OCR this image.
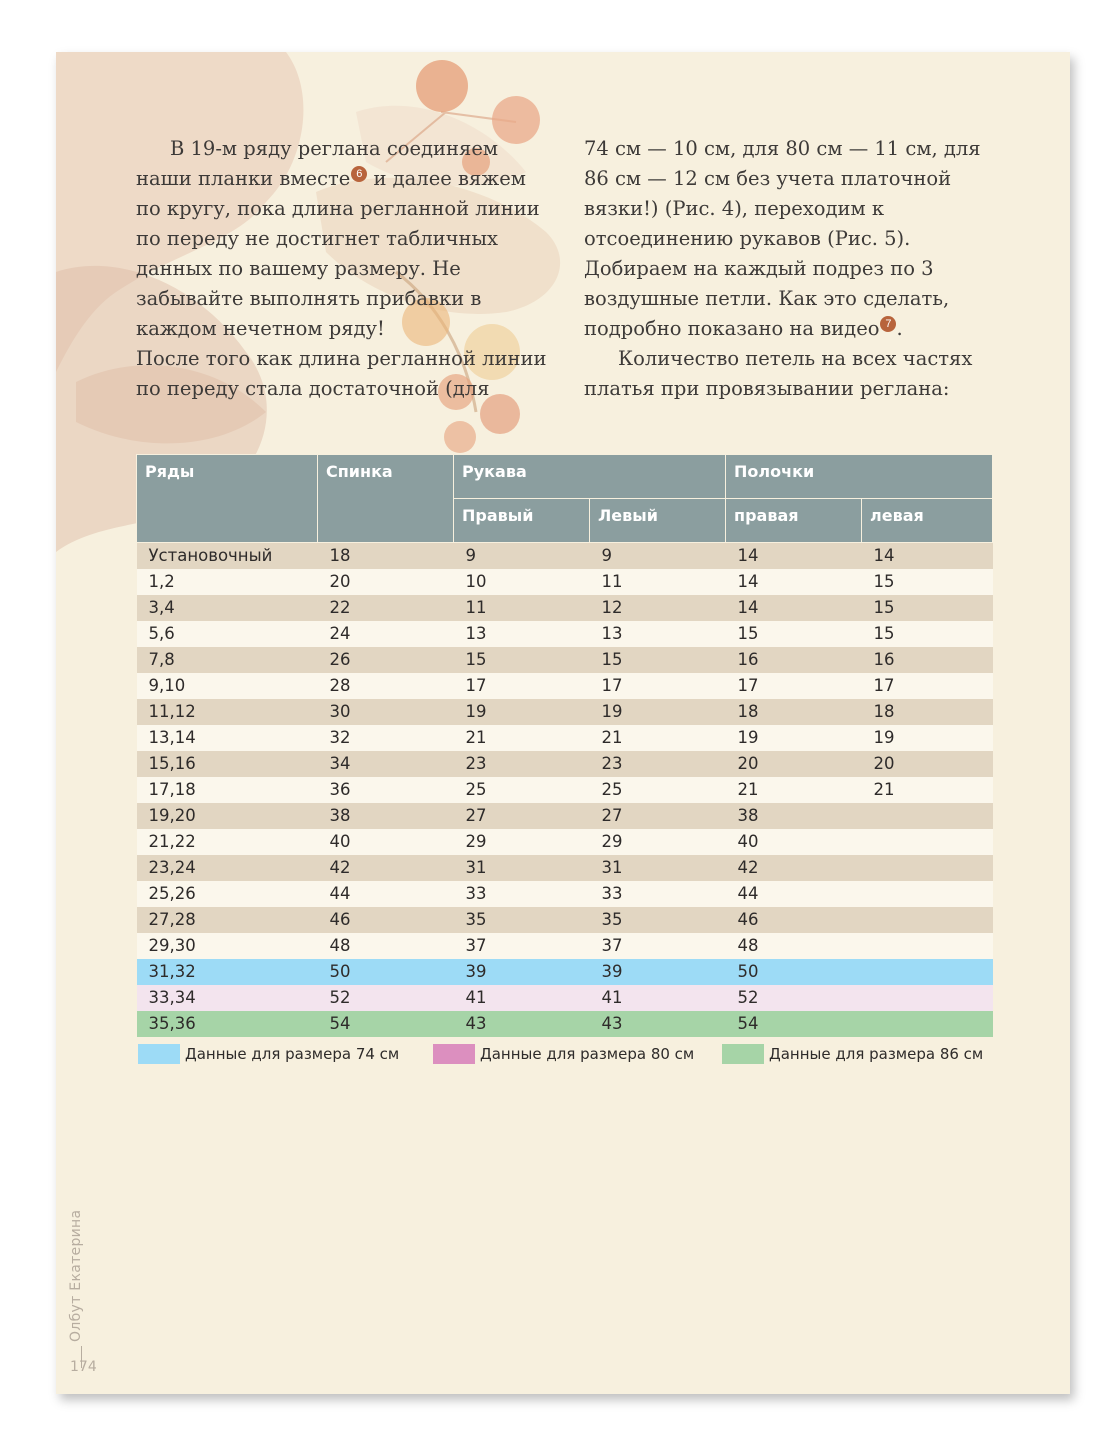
В 19-м ряду реглана соединяем наши планки вместе 6 и далее вяжем по кругу, пока длина регланной линии по переду не достигнет табличных данных по вашему размеру. Не забывайте выполнять прибавки в каждом нечетном ряду!

После того как длина регланной линии по переду стала достаточной (для

74 см — 10 см, для 80 см — 11 см, для 86 см — 12 см без учета платочной вязки!) (Рис. 4), переходим к отсоединению рукавов (Рис. 5). Добираем на каждый подрез по 3 воздушные петли. Как это сделать, подробно показано на видео 7 .

Количество петель на всех частях платья при провязывании реглана:

Ряды	Спинка	Рукава		Полочки	
		Правый	Левый	правая	левая
Установочный	18	9	9	14	14
1,2	20	10	11	14	15
3,4	22	11	12	14	15
5,6	24	13	13	15	15
7,8	26	15	15	16	16
9,10	28	17	17	17	17
11,12	30	19	19	18	18
13,14	32	21	21	19	19
15,16	34	23	23	20	20
17,18	36	25	25	21	21
19,20	38	27	27	38	
21,22	40	29	29	40	
23,24	42	31	31	42	
25,26	44	33	33	44	
27,28	46	35	35	46	
29,30	48	37	37	48	
31,32	50	39	39	50	
33,34	52	41	41	52	
35,36	54	43	43	54	
Данные для размера 74 см	Данные для размера 80 см	Данные для размера 86 см
Олбут Екатерина
174
